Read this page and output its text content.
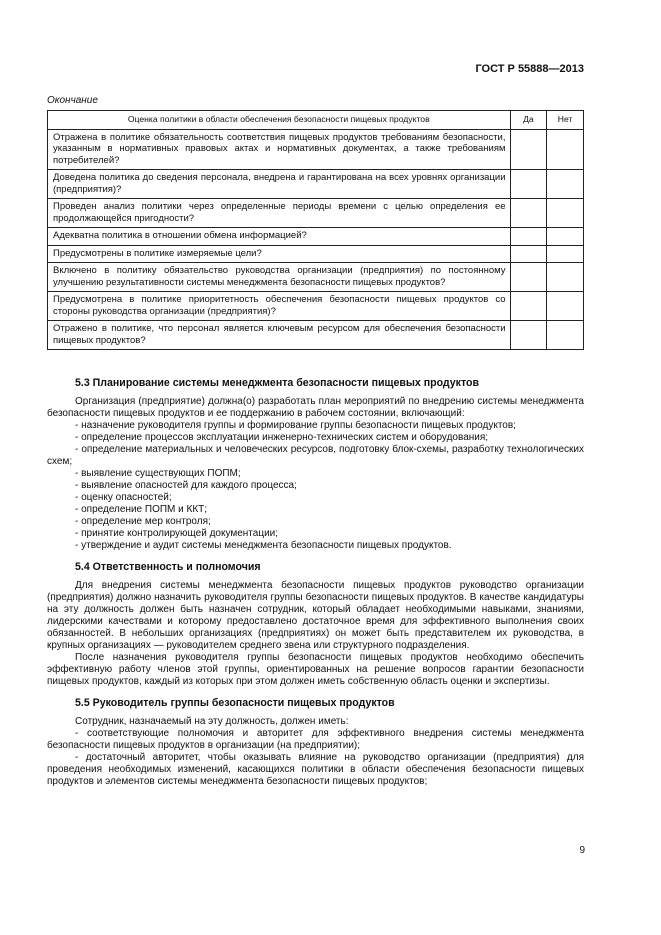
ГОСТ Р 55888—2013
Окончание
Оценка политики в области обеспечения безопасности пищевых продуктов	Да	Нет
Отражена в политике обязательность соответствия пищевых продуктов требованиям безопасности, указанным в нормативных правовых актах и нормативных документах, а также требованиям потребителей?		
Доведена политика до сведения персонала, внедрена и гарантирована на всех уровнях организации (предприятия)?		
Проведен анализ политики через определенные периоды времени с целью определения ее продолжающейся пригодности?		
Адекватна политика в отношении обмена информацией?		
Предусмотрены в политике измеряемые цели?		
Включено в политику обязательство руководства организации (предприятия) по постоянному улучшению результативности системы менеджмента безопасности пищевых продуктов?		
Предусмотрена в политике приоритетность обеспечения безопасности пищевых продуктов со стороны руководства организации (предприятия)?		
Отражено в политике, что персонал является ключевым ресурсом для обеспечения безопасности пищевых продуктов?		
5.3 Планирование системы менеджмента безопасности пищевых продуктов

Организация (предприятие) должна(о) разработать план мероприятий по внедрению системы менеджмента безопасности пищевых продуктов и ее поддержанию в рабочем состоянии, включающий:

- назначение руководителя группы и формирование группы безопасности пищевых продуктов;

- определение процессов эксплуатации инженерно-технических систем и оборудования;

- определение материальных и человеческих ресурсов, подготовку блок-схемы, разработку технологических схем;

- выявление существующих ПОПМ;

- выявление опасностей для каждого процесса;

- оценку опасностей;

- определение ПОПМ и ККТ;

- определение мер контроля;

- принятие контролирующей документации;

- утверждение и аудит системы менеджмента безопасности пищевых продуктов.

5.4 Ответственность и полномочия

Для внедрения системы менеджмента безопасности пищевых продуктов руководство организации (предприятия) должно назначить руководителя группы безопасности пищевых продуктов. В качестве кандидатуры на эту должность должен быть назначен сотрудник, который обладает необходимыми навыками, знаниями, лидерскими качествами и которому предоставлено достаточное время для эффективного выполнения своих обязанностей. В небольших организациях (предприятиях) он может быть представителем их руководства, в крупных организациях — руководителем среднего звена или структурного подразделения.

После назначения руководителя группы безопасности пищевых продуктов необходимо обеспечить эффективную работу членов этой группы, ориентированных на решение вопросов гарантии безопасности пищевых продуктов, каждый из которых при этом должен иметь собственную область оценки и экспертизы.

5.5 Руководитель группы безопасности пищевых продуктов

Сотрудник, назначаемый на эту должность, должен иметь:

- соответствующие полномочия и авторитет для эффективного внедрения системы менеджмента безопасности пищевых продуктов в организации (на предприятии);

- достаточный авторитет, чтобы оказывать влияние на руководство организации (предприятия) для проведения необходимых изменений, касающихся политики в области обеспечения безопасности пищевых продуктов и элементов системы менеджмента безопасности пищевых продуктов;

9
